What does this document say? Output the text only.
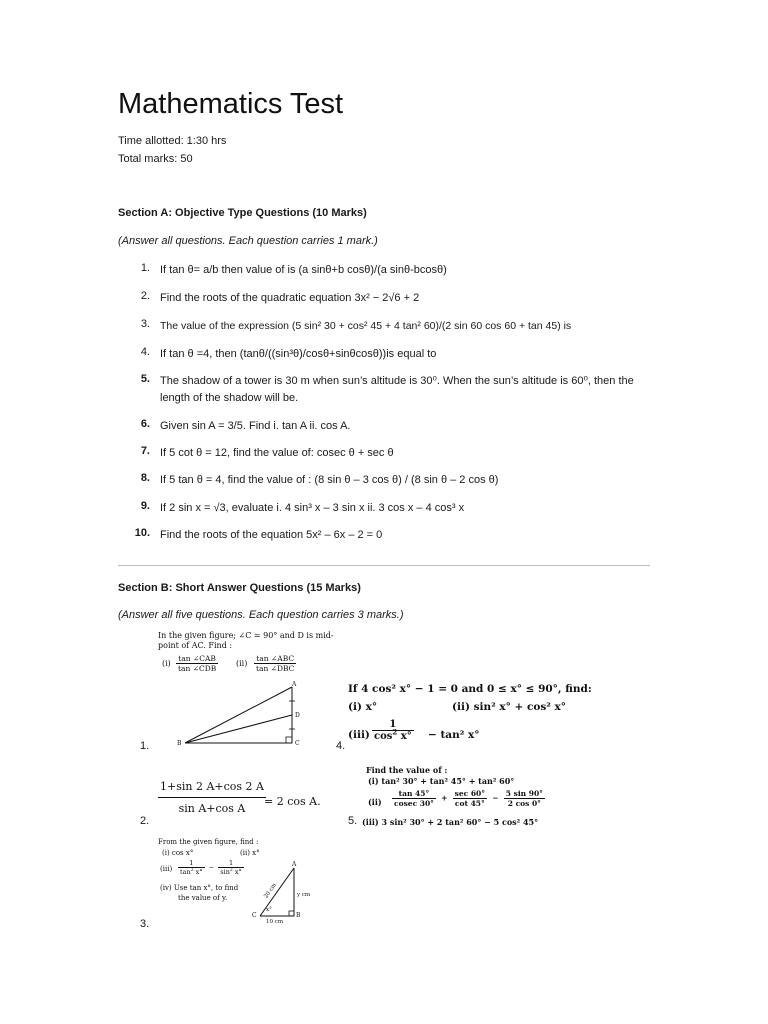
Mathematics Test
Time allotted: 1:30 hrs
Total marks: 50
Section A: Objective Type Questions (10 Marks)
(Answer all questions. Each question carries 1 mark.)
1. If tan θ= a/b then value of is (a sinθ+b cosθ)/(a sinθ-bcosθ)
2. Find the roots of the quadratic equation 3x² − 2√6 + 2
3. The value of the expression (5 sin² 30 + cos² 45 + 4 tan² 60)/(2 sin 60 cos 60 + tan 45) is
4. If tan θ =4, then (tanθ/((sin³θ)/cosθ+sinθcosθ))is equal to
5. The shadow of a tower is 30 m when sun’s altitude is 30⁰. When the sun’s altitude is 60⁰, then the length of the shadow will be.
6. Given sin A = 3/5. Find i. tan A ii. cos A.
7. If 5 cot θ = 12, find the value of: cosec θ + sec θ
8. If 5 tan θ = 4, find the value of : (8 sin θ – 3 cos θ) / (8 sin θ – 2 cos θ)
9. If 2 sin x = √3, evaluate i. 4 sin³ x – 3 sin x ii. 3 cos x – 4 cos³ x
10. Find the roots of the equation 5x² – 6x – 2 = 0
Section B: Short Answer Questions (15 Marks)
(Answer all five questions. Each question carries 3 marks.)
1.
2.
3.
4.
5.
In the given figure; ∠C = 90° and D is mid-
point of AC. Find :
$(i) \frac{\text{tan ∠CAB}}{\text{tan ∠CDB}} (ii) \frac{\text{tan ∠ABC}}{\text{tan ∠DBC}}$
A
B	C
D
$\frac{1+\sin 2 A+\cos 2 A}{\text{sin A+cos A}}$
= 2 cos A.
From the given figure, find :
(i) cos x°	(ii) x°
$(iii) \frac{1}{\tan^2 x^\circ} - \frac{1}{\sin^2 x^\circ}$
(iv) Use tan x°, to find
the value of y.
A
B
C
20 cm	y cm
10 cm
x°
If 4 cos² x° − 1 = 0 and 0 ≤ x° ≤ 90°, find:
(i) x°	(ii) sin² x° + cos² x°
$(iii) \frac{1}{\cos^2 x^\circ} - \tan^2$ x°
Find the value of :
(i) tan² 30° + tan² 45° + tan² 60°
$(ii) \frac{\tan 45^\circ}{cosec 30^\circ} + \frac{\sec 60^\circ}{\cot 45^\circ} - \frac{5 \sin 90^\circ}{2 \cos 0^\circ}$
(iii) 3 sin² 30° + 2 tan² 60° − 5 cos² 45°
